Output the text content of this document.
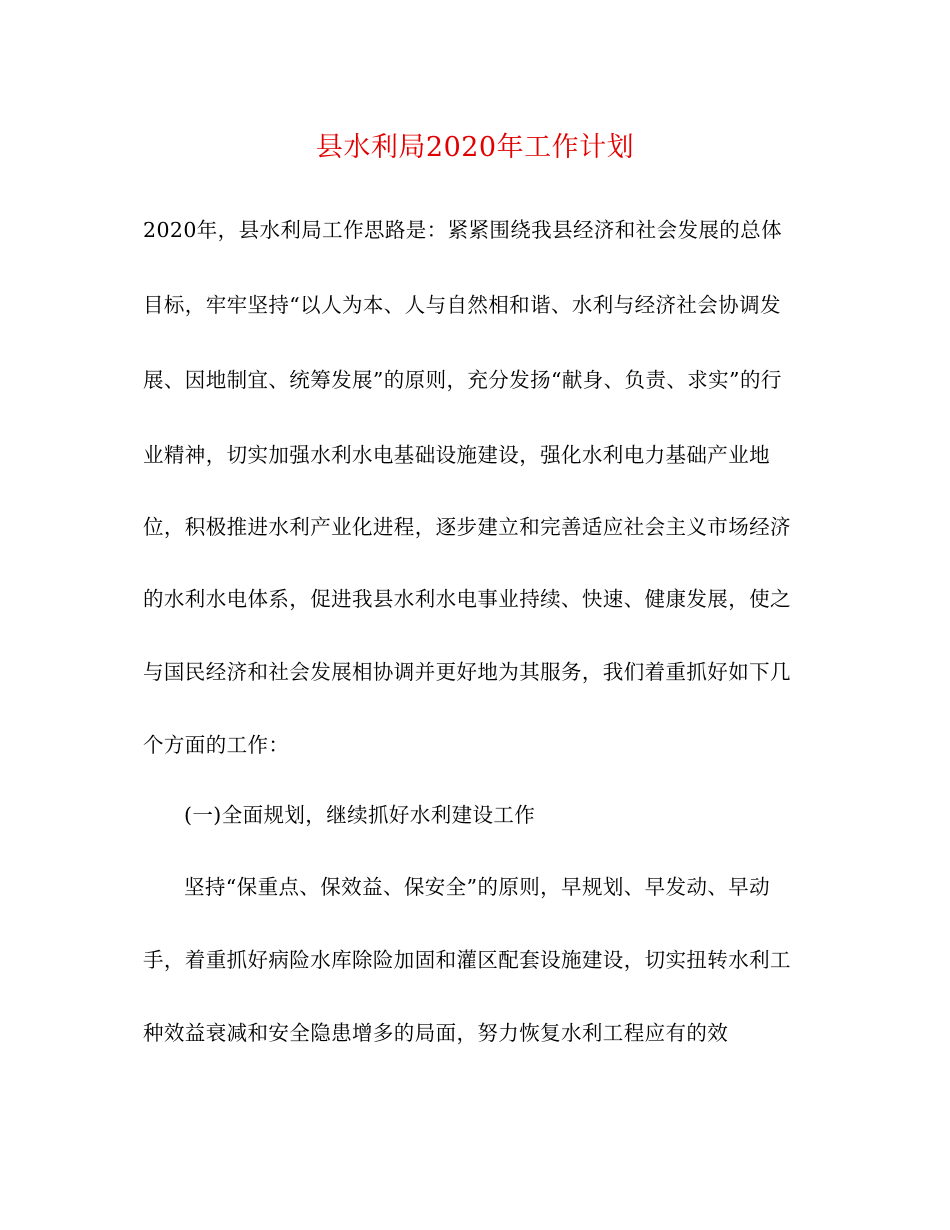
县水利局2020年工作计划
2020年，县水利局工作思路是：紧紧围绕我县经济和社会发展的总体
目标，牢牢坚持“以人为本、人与自然相和谐、水利与经济社会协调发
展、因地制宜、统筹发展”的原则，充分发扬“献身、负责、求实”的行
业精神，切实加强水利水电基础设施建设，强化水利电力基础产业地
位，积极推进水利产业化进程，逐步建立和完善适应社会主义市场经济
的水利水电体系，促进我县水利水电事业持续、快速、健康发展，使之
与国民经济和社会发展相协调并更好地为其服务，我们着重抓好如下几
个方面的工作：
(一)全面规划，继续抓好水利建设工作
坚持“保重点、保效益、保安全”的原则，早规划、早发动、早动
手，着重抓好病险水库除险加固和灌区配套设施建设，切实扭转水利工
种效益衰减和安全隐患增多的局面，努力恢复水利工程应有的效
